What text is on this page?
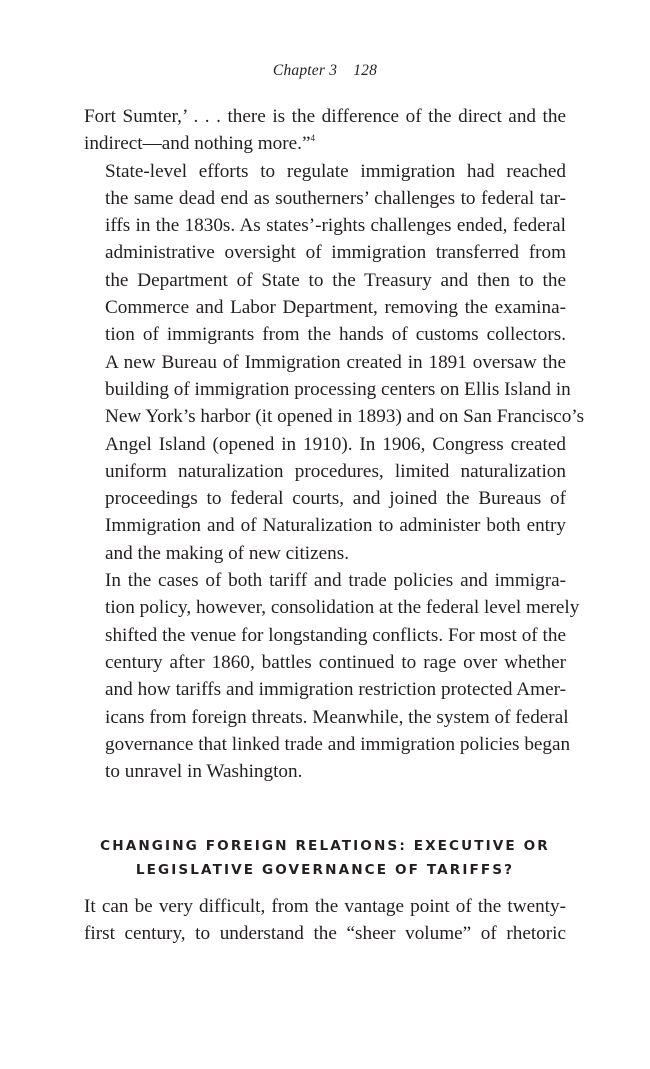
Chapter 3 128

Fort Sumter,’ . . . there is the difference of the direct and the
indirect—and nothing more.”$^4$

State-level efforts to regulate immigration had reached
the same dead end as southerners’ challenges to federal tar-
iffs in the 1830s. As states’-rights challenges ended, federal
administrative oversight of immigration transferred from
the Department of State to the Treasury and then to the
Commerce and Labor Department, removing the examina-
tion of immigrants from the hands of customs collectors.
A new Bureau of Immigration created in 1891 oversaw the
building of immigration processing centers on Ellis Island in
New York’s harbor (it opened in 1893) and on San Francisco’s
Angel Island (opened in 1910). In 1906, Congress created
uniform naturalization procedures, limited naturalization
proceedings to federal courts, and joined the Bureaus of
Immigration and of Naturalization to administer both entry
and the making of new citizens.

In the cases of both tariff and trade policies and immigra-
tion policy, however, consolidation at the federal level merely
shifted the venue for longstanding conflicts. For most of the
century after 1860, battles continued to rage over whether
and how tariffs and immigration restriction protected Amer-
icans from foreign threats. Meanwhile, the system of federal
governance that linked trade and immigration policies began
to unravel in Washington.

CHANGING FOREIGN RELATIONS: EXECUTIVE OR
LEGISLATIVE GOVERNANCE OF TARIFFS?

It can be very difficult, from the vantage point of the twenty-
first century, to understand the “sheer volume” of rhetoric
